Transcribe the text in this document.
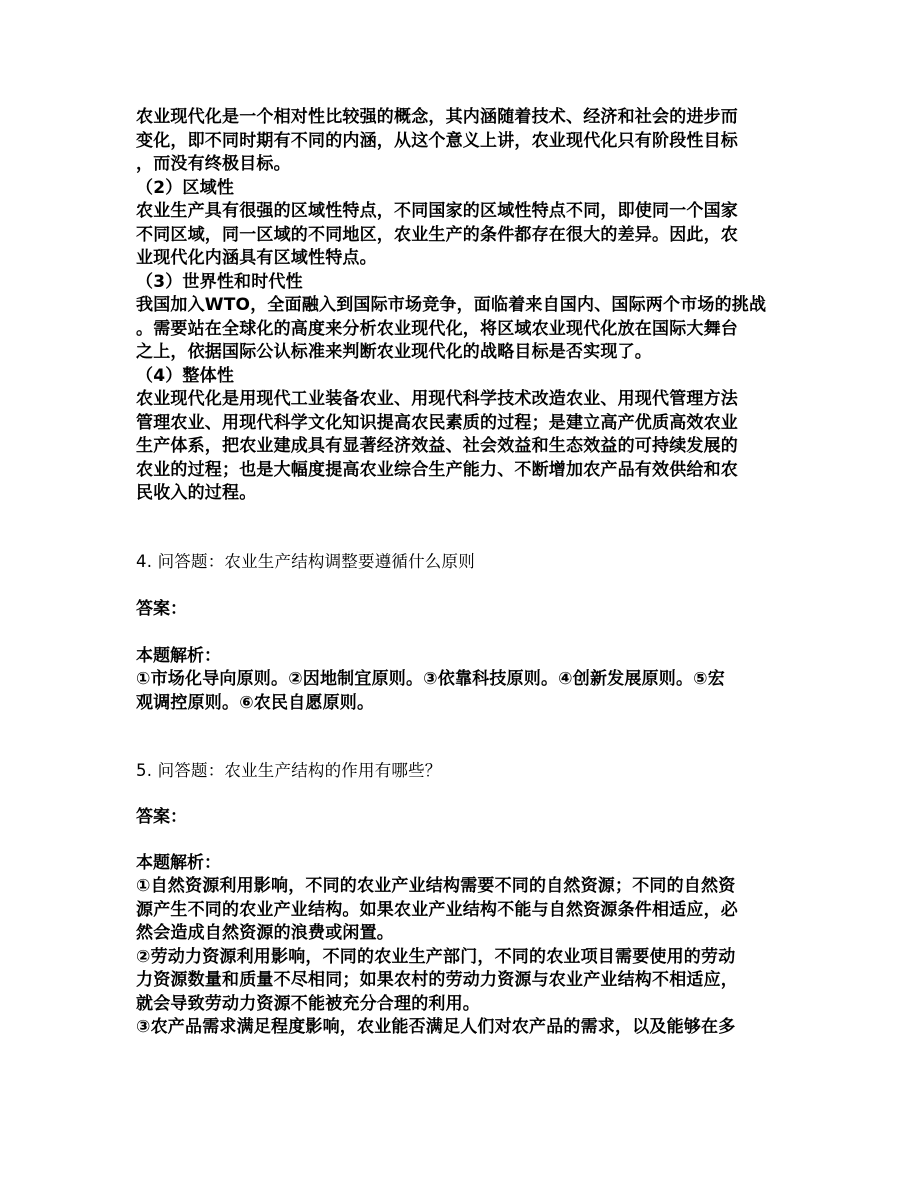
农业现代化是一个相对性比较强的概念，其内涵随着技术、经济和社会的进步而
变化，即不同时期有不同的内涵，从这个意义上讲，农业现代化只有阶段性目标
，而没有终极目标。
（2）区域性
农业生产具有很强的区域性特点，不同国家的区域性特点不同，即使同一个国家
不同区域，同一区域的不同地区，农业生产的条件都存在很大的差异。因此，农
业现代化内涵具有区域性特点。
（3）世界性和时代性
我国加入WTO，全面融入到国际市场竞争，面临着来自国内、国际两个市场的挑战
。需要站在全球化的高度来分析农业现代化，将区域农业现代化放在国际大舞台
之上，依据国际公认标准来判断农业现代化的战略目标是否实现了。
（4）整体性
农业现代化是用现代工业装备农业、用现代科学技术改造农业、用现代管理方法
管理农业、用现代科学文化知识提高农民素质的过程；是建立高产优质高效农业
生产体系，把农业建成具有显著经济效益、社会效益和生态效益的可持续发展的
农业的过程；也是大幅度提高农业综合生产能力、不断增加农产品有效供给和农
民收入的过程。

4. 问答题：农业生产结构调整要遵循什么原则

答案：

本题解析：

①市场化导向原则。②因地制宜原则。③依靠科技原则。④创新发展原则。⑤宏
观调控原则。⑥农民自愿原则。

5. 问答题：农业生产结构的作用有哪些？

答案：

本题解析：

①自然资源利用影响，不同的农业产业结构需要不同的自然资源；不同的自然资
源产生不同的农业产业结构。如果农业产业结构不能与自然资源条件相适应，必
然会造成自然资源的浪费或闲置。
②劳动力资源利用影响，不同的农业生产部门，不同的农业项目需要使用的劳动
力资源数量和质量不尽相同；如果农村的劳动力资源与农业产业结构不相适应，
就会导致劳动力资源不能被充分合理的利用。
③农产品需求满足程度影响，农业能否满足人们对农产品的需求，以及能够在多
